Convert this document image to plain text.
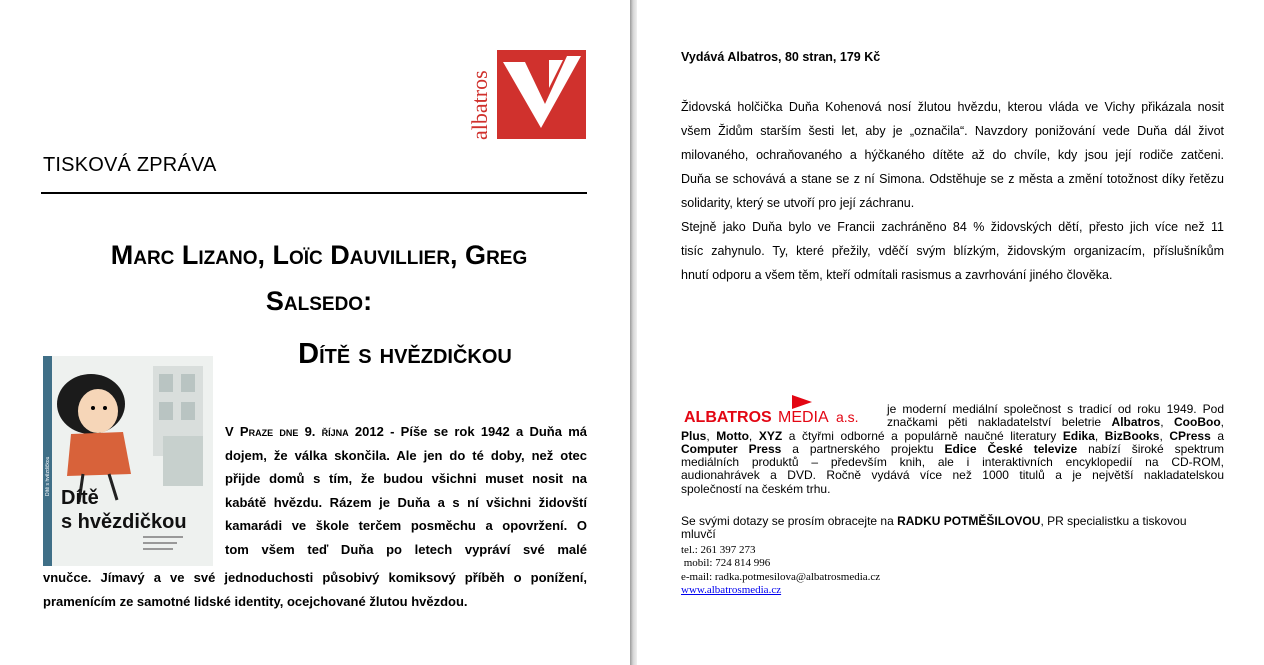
albatros
TISKOVÁ ZPRÁVA
Marc Lizano, Loïc Dauvillier, Greg
Salsedo:
Dítě s hvězdičkou
Dítě s hvězdičkou
Dítě
s hvězdičkou
V Praze dne 9. října 2012 - Píše se rok 1942 a Duňa má
dojem, že válka skončila. Ale jen do té doby, než otec
přijde domů s tím, že budou všichni muset nosit na
kabátě hvězdu. Rázem je Duňa a s ní všichni židovští
kamarádi ve škole terčem posměchu a opovržení. O
tom všem teď Duňa po letech vypráví své malé
vnučce. Jímavý a ve své jednoduchosti působivý komiksový příběh o ponížení,
pramenícím ze samotné lidské identity, ocejchované žlutou hvězdou.
Vydává Albatros, 80 stran, 179 Kč
Židovská holčička Duňa Kohenová nosí žlutou hvězdu, kterou vláda ve Vichy přikázala nosit
všem Židům starším šesti let, aby je „označila“. Navzdory ponižování vede Duňa dál život
milovaného, ochraňovaného a hýčkaného dítěte až do chvíle, kdy jsou její rodiče zatčeni.
Duňa se schovává a stane se z ní Simona. Odstěhuje se z města a změní totožnost díky řetězu
solidarity, který se utvoří pro její záchranu.
Stejně jako Duňa bylo ve Francii zachráněno 84 % židovských dětí, přesto jich více než 11
tisíc zahynulo. Ty, které přežily, vděčí svým blízkým, židovským organizacím, příslušníkům
hnutí odporu a všem těm, kteří odmítali rasismus a zavrhování jiného člověka.
ALBATROS MEDIA a.s.	je moderní mediální společnost s tradicí od roku 1949. Pod
značkami pěti nakladatelství beletrie Albatros, CooBoo,
Plus, Motto, XYZ a čtyřmi odborné a populárně naučné literatury Edika, BizBooks, CPress a
Computer Press a partnerského projektu Edice České televize nabízí široké spektrum
mediálních produktů – především knih, ale i interaktivních encyklopedií na CD-ROM,
audionahrávek a DVD. Ročně vydává více než 1000 titulů a je největší nakladatelskou
společností na českém trhu.
Se svými dotazy se prosím obracejte na RADKU POTMĚŠILOVOU, PR specialistku a tiskovou
mluvčí
tel.: 261 397 273
mobil: 724 814 996
e-mail: radka.potmesilova@albatrosmedia.cz
www.albatrosmedia.cz
